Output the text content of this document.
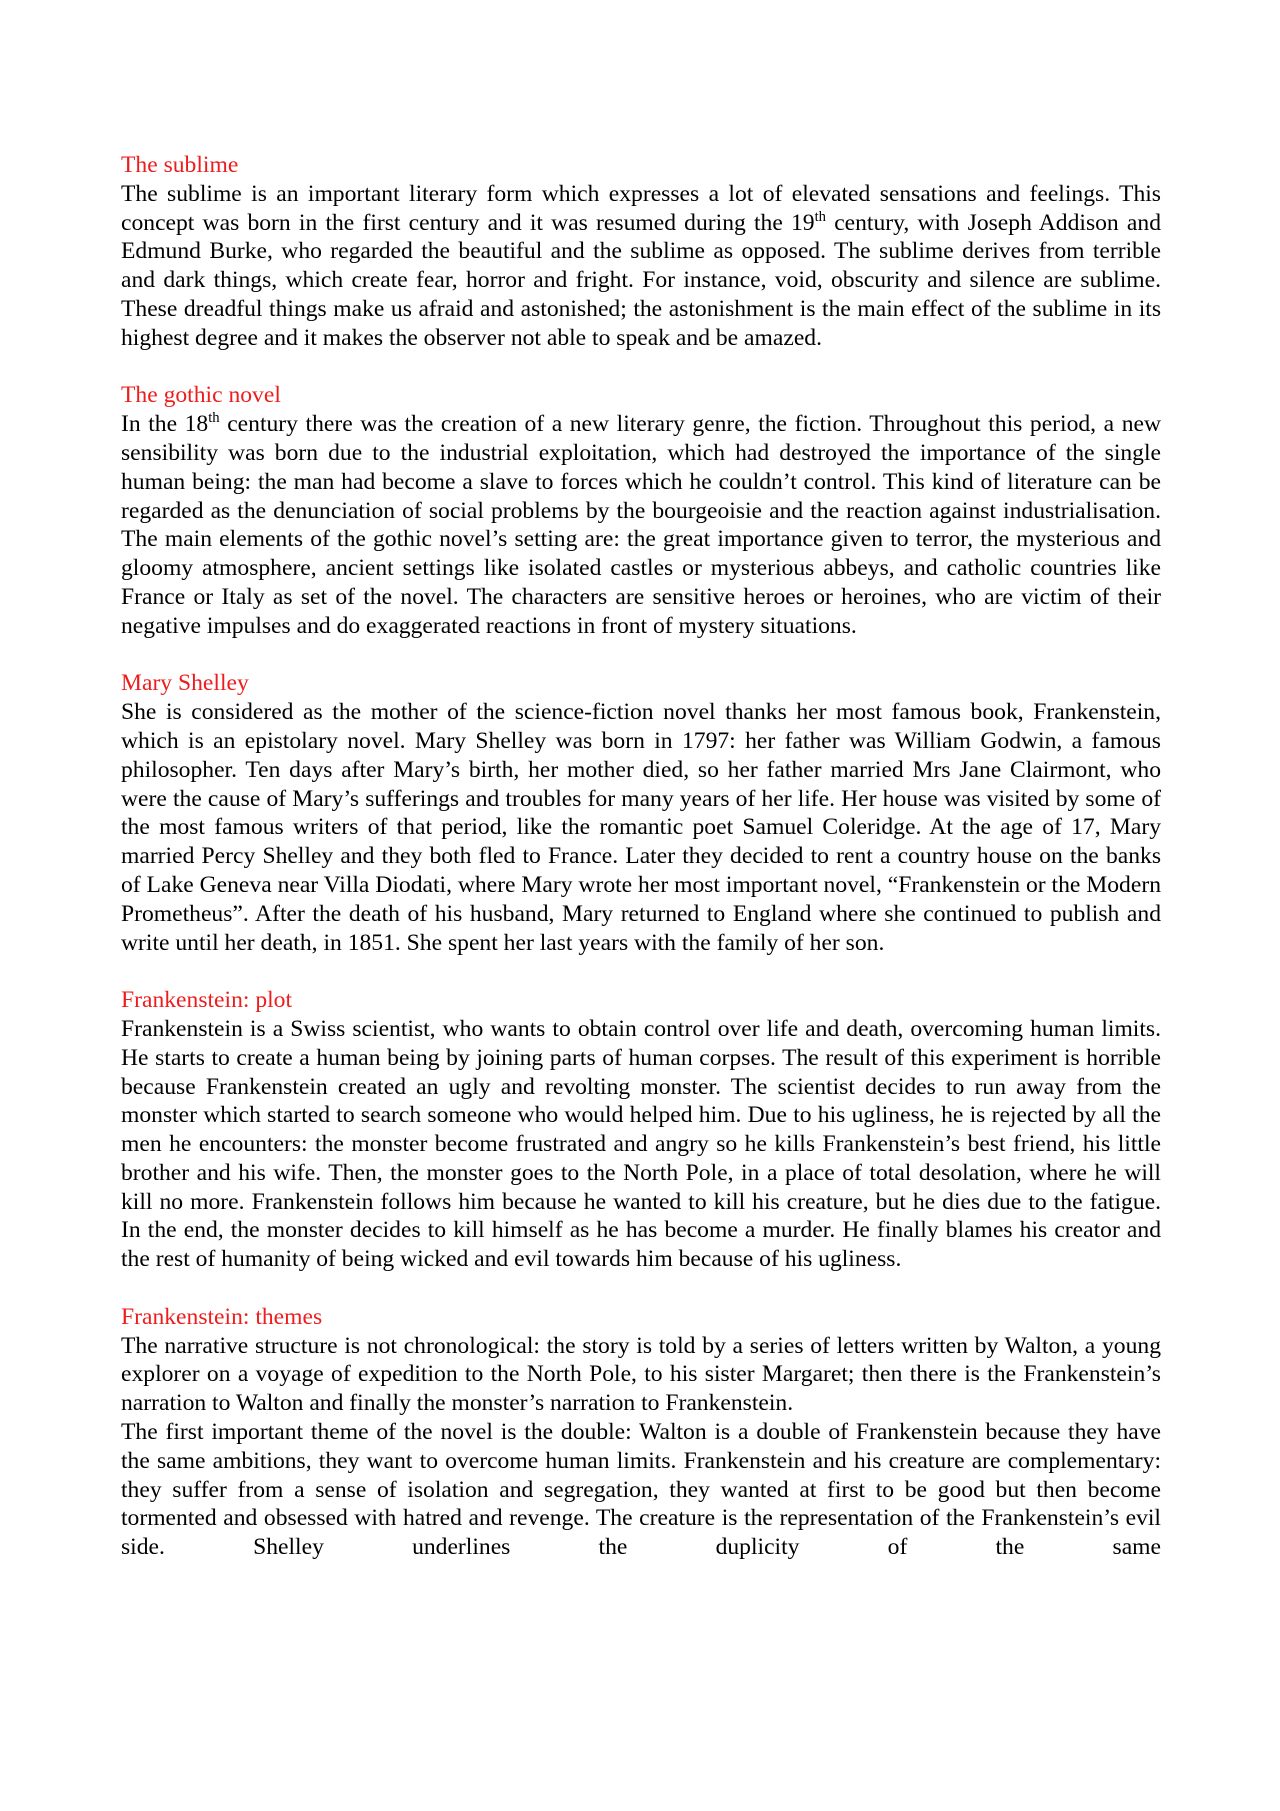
The sublime

The sublime is an important literary form which expresses a lot of elevated sensations and feelings. This concept was born in the first century and it was resumed during the 19th century, with Joseph Addison and Edmund Burke, who regarded the beautiful and the sublime as opposed. The sublime derives from terrible and dark things, which create fear, horror and fright. For instance, void, obscurity and silence are sublime. These dreadful things make us afraid and astonished; the astonishment is the main effect of the sublime in its highest degree and it makes the observer not able to speak and be amazed.

The gothic novel

In the 18th century there was the creation of a new literary genre, the fiction. Throughout this period, a new sensibility was born due to the industrial exploitation, which had destroyed the importance of the single human being: the man had become a slave to forces which he couldn’t control. This kind of literature can be regarded as the denunciation of social problems by the bourgeoisie and the reaction against industrialisation. The main elements of the gothic novel’s setting are: the great importance given to terror, the mysterious and gloomy atmosphere, ancient settings like isolated castles or mysterious abbeys, and catholic countries like France or Italy as set of the novel. The characters are sensitive heroes or heroines, who are victim of their negative impulses and do exaggerated reactions in front of mystery situations.

Mary Shelley

She is considered as the mother of the science-fiction novel thanks her most famous book, Frankenstein, which is an epistolary novel. Mary Shelley was born in 1797: her father was William Godwin, a famous philosopher. Ten days after Mary’s birth, her mother died, so her father married Mrs Jane Clairmont, who were the cause of Mary’s sufferings and troubles for many years of her life. Her house was visited by some of the most famous writers of that period, like the romantic poet Samuel Coleridge. At the age of 17, Mary married Percy Shelley and they both fled to France. Later they decided to rent a country house on the banks of Lake Geneva near Villa Diodati, where Mary wrote her most important novel, “Frankenstein or the Modern Prometheus”. After the death of his husband, Mary returned to England where she continued to publish and write until her death, in 1851. She spent her last years with the family of her son.

Frankenstein: plot

Frankenstein is a Swiss scientist, who wants to obtain control over life and death, overcoming human limits. He starts to create a human being by joining parts of human corpses. The result of this experiment is horrible because Frankenstein created an ugly and revolting monster. The scientist decides to run away from the monster which started to search someone who would helped him. Due to his ugliness, he is rejected by all the men he encounters: the monster become frustrated and angry so he kills Frankenstein’s best friend, his little brother and his wife. Then, the monster goes to the North Pole, in a place of total desolation, where he will kill no more. Frankenstein follows him because he wanted to kill his creature, but he dies due to the fatigue. In the end, the monster decides to kill himself as he has become a murder. He finally blames his creator and the rest of humanity of being wicked and evil towards him because of his ugliness.

Frankenstein: themes

The narrative structure is not chronological: the story is told by a series of letters written by Walton, a young explorer on a voyage of expedition to the North Pole, to his sister Margaret; then there is the Frankenstein’s narration to Walton and finally the monster’s narration to Frankenstein.

The first important theme of the novel is the double: Walton is a double of Frankenstein because they have the same ambitions, they want to overcome human limits. Frankenstein and his creature are complementary: they suffer from a sense of isolation and segregation, they wanted at first to be good but then become tormented and obsessed with hatred and revenge. The creature is the representation of the Frankenstein’s evil side. Shelley underlines the duplicity of the same
